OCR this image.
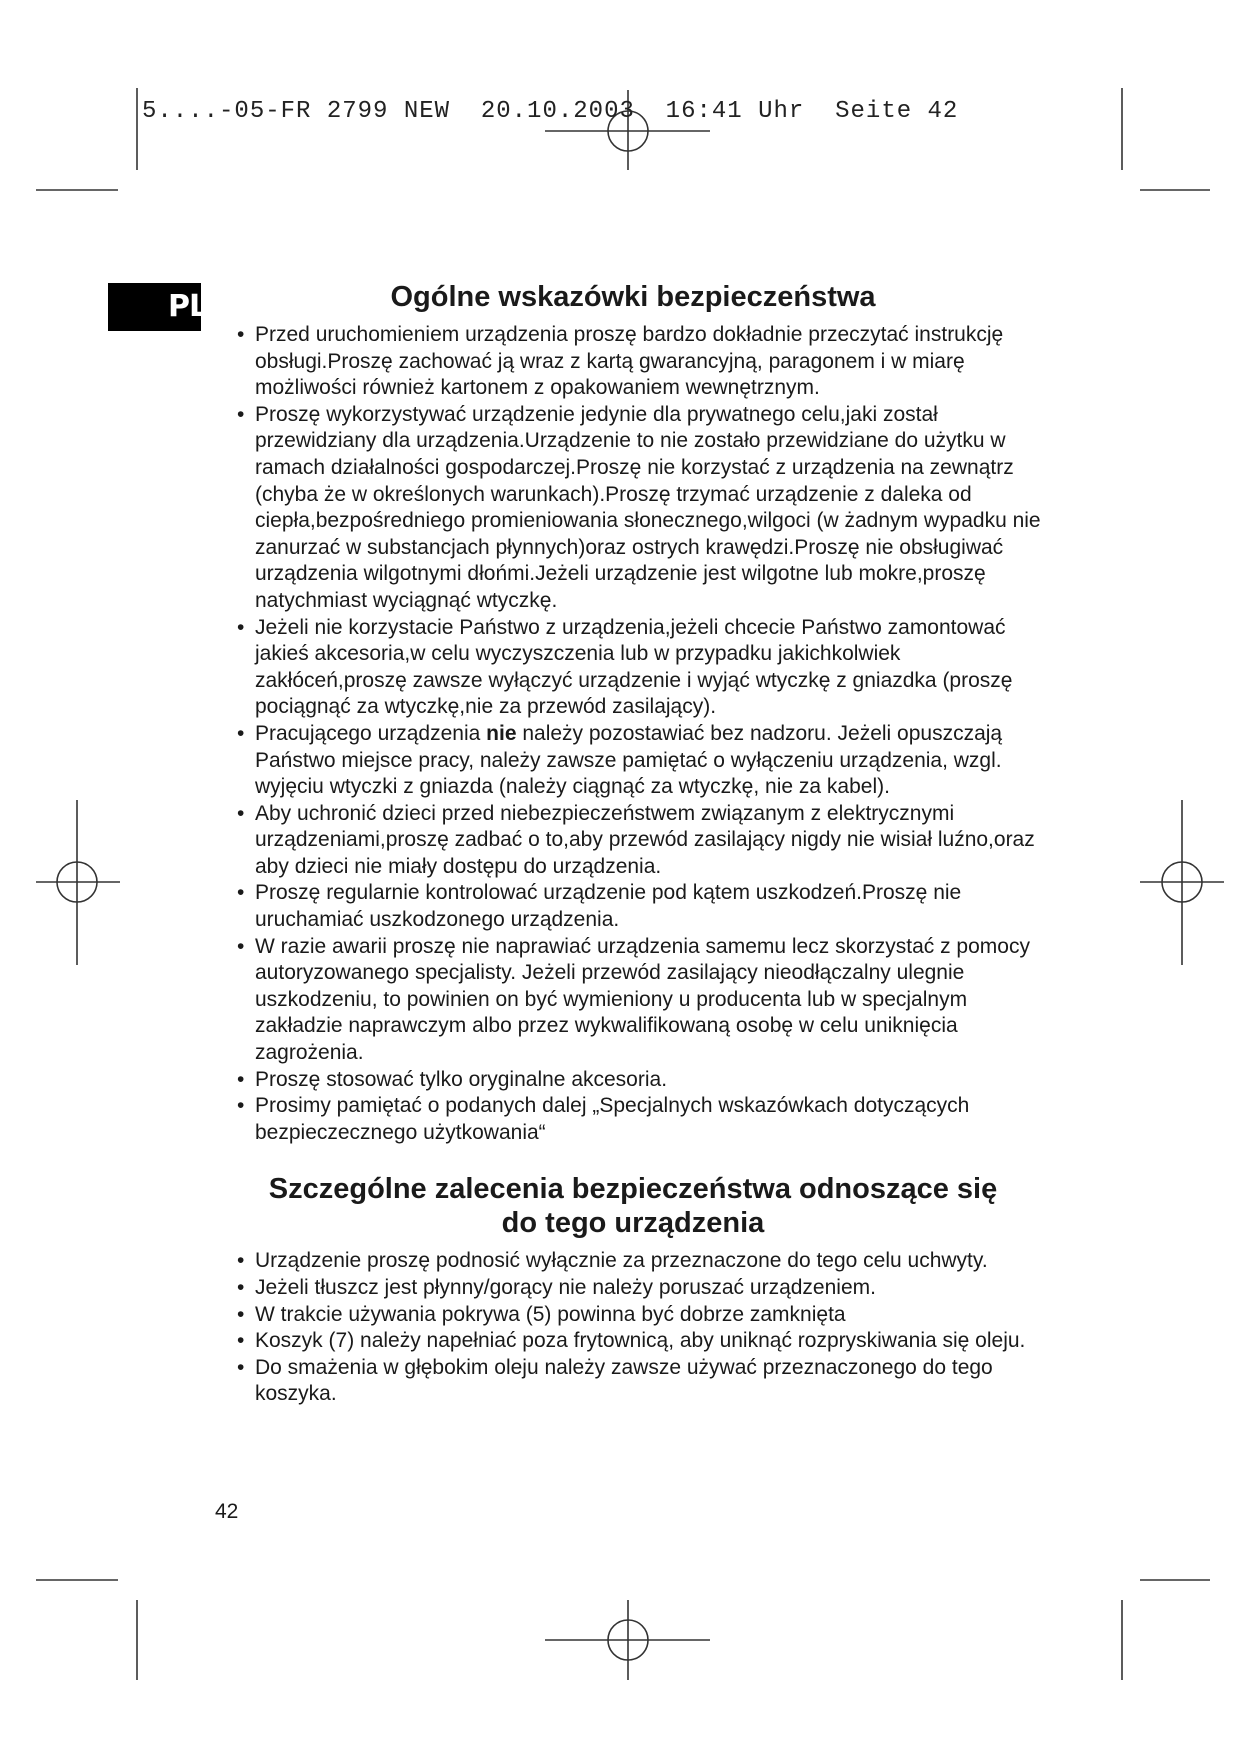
5....-05-FR 2799 NEW  20.10.2003  16:41 Uhr  Seite 42
PL	Ogólne wskazówki bezpieczeństwa
• Przed uruchomieniem urządzenia proszę bardzo dokładnie przeczytać instrukcję obsługi.Proszę zachować ją wraz z kartą gwarancyjną, paragonem i w miarę możliwości również kartonem z opakowaniem wewnętrznym.
• Proszę wykorzystywać urządzenie jedynie dla prywatnego celu,jaki został przewidziany dla urządzenia.Urządzenie to nie zostało przewidziane do użytku w ramach działalności gospodarczej.Proszę nie korzystać z urządzenia na zewnątrz (chyba że w określonych warunkach).Proszę trzymać urządzenie z daleka od ciepła,bezpośredniego promieniowania słonecznego,wilgoci (w żadnym wypadku nie zanurzać w substancjach płynnych)oraz ostrych krawędzi.Proszę nie obsługiwać urządzenia wilgotnymi dłońmi.Jeżeli urządzenie jest wilgotne lub mokre,proszę natychmiast wyciągnąć wtyczkę.
• Jeżeli nie korzystacie Państwo z urządzenia,jeżeli chcecie Państwo zamontować jakieś akcesoria,w celu wyczyszczenia lub w przypadku jakichkolwiek zakłóceń,proszę zawsze wyłączyć urządzenie i wyjąć wtyczkę z gniazdka (proszę pociągnąć za wtyczkę,nie za przewód zasilający).
• Pracującego urządzenia nie należy pozostawiać bez nadzoru. Jeżeli opuszczają Państwo miejsce pracy, należy zawsze pamiętać o wyłączeniu urządzenia, wzgl. wyjęciu wtyczki z gniazda (należy ciągnąć za wtyczkę, nie za kabel).
• Aby uchronić dzieci przed niebezpieczeństwem związanym z elektrycznymi urządzeniami,proszę zadbać o to,aby przewód zasilający nigdy nie wisiał luźno,oraz aby dzieci nie miały dostępu do urządzenia.
• Proszę regularnie kontrolować urządzenie pod kątem uszkodzeń.Proszę nie uruchamiać uszkodzonego urządzenia.
• W razie awarii proszę nie naprawiać urządzenia samemu lecz skorzystać z pomocy autoryzowanego specjalisty. Jeżeli przewód zasilający nieodłączalny ulegnie uszkodzeniu, to powinien on być wymieniony u producenta lub w specjalnym zakładzie naprawczym albo przez wykwalifikowaną osobę w celu uniknięcia zagrożenia.
• Proszę stosować tylko oryginalne akcesoria.
• Prosimy pamiętać o podanych dalej „Specjalnych wskazówkach dotyczących bezpieczecznego użytkowania“
Szczególne zalecenia bezpieczeństwa odnoszące się
do tego urządzenia
• Urządzenie proszę podnosić wyłącznie za przeznaczone do tego celu uchwyty.
• Jeżeli tłuszcz jest płynny/gorący nie należy poruszać urządzeniem.
• W trakcie używania pokrywa (5) powinna być dobrze zamknięta
• Koszyk (7) należy napełniać poza frytownicą, aby uniknąć rozpryskiwania się oleju.
• Do smażenia w głębokim oleju należy zawsze używać przeznaczonego do tego koszyka.
42
